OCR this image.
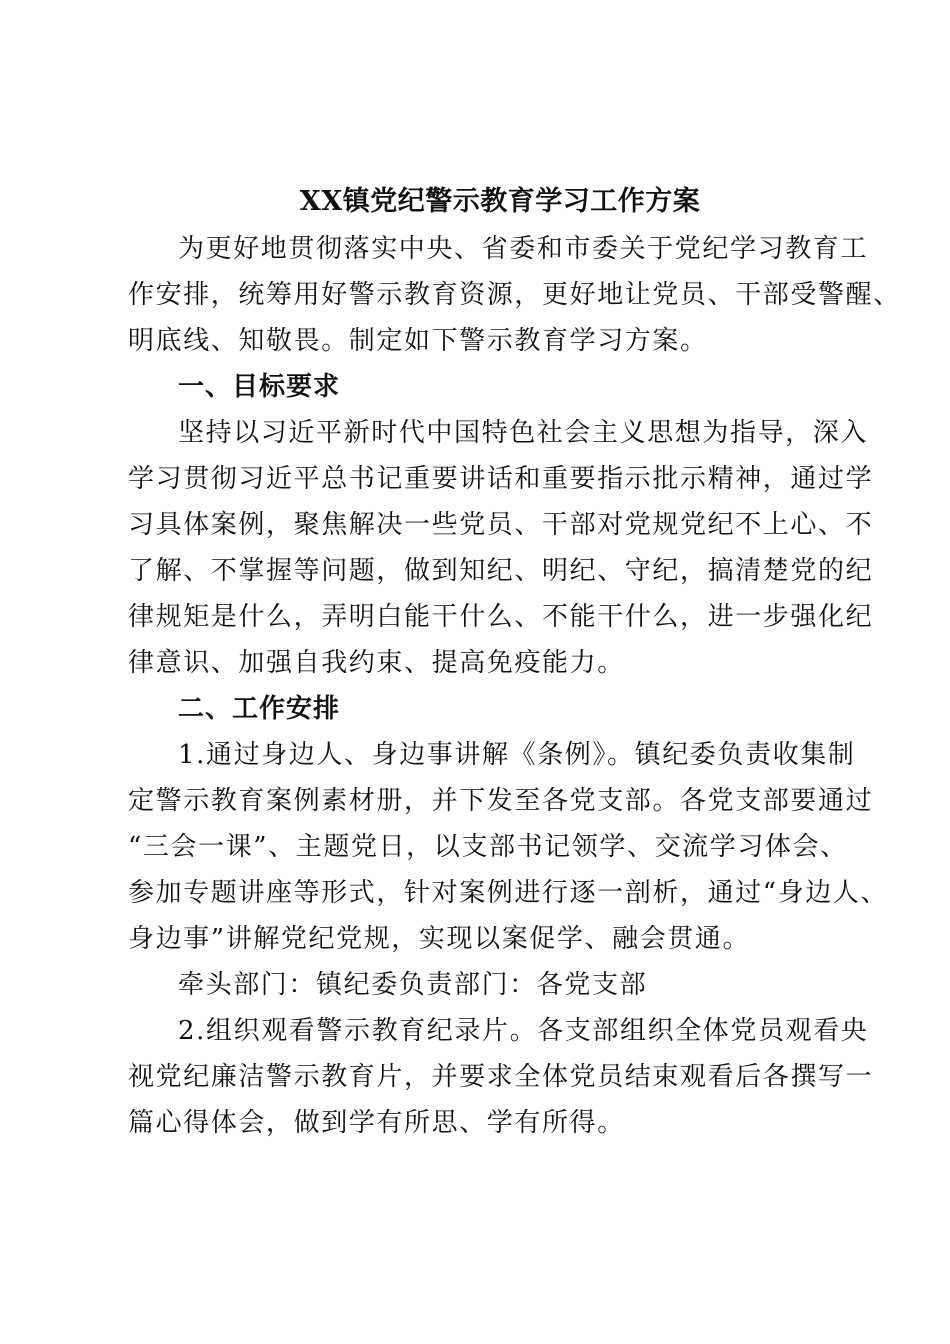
XX镇党纪警示教育学习工作方案
为更好地贯彻落实中央、省委和市委关于党纪学习教育工
作安排，统筹用好警示教育资源，更好地让党员、干部受警醒、
明底线、知敬畏。制定如下警示教育学习方案。
一、目标要求
坚持以习近平新时代中国特色社会主义思想为指导，深入
学习贯彻习近平总书记重要讲话和重要指示批示精神，通过学
习具体案例，聚焦解决一些党员、干部对党规党纪不上心、不
了解、不掌握等问题，做到知纪、明纪、守纪，搞清楚党的纪
律规矩是什么，弄明白能干什么、不能干什么，进一步强化纪
律意识、加强自我约束、提高免疫能力。
二、工作安排
1.通过身边人、身边事讲解《条例》。镇纪委负责收集制
定警示教育案例素材册，并下发至各党支部。各党支部要通过
“三会一课”、主题党日，以支部书记领学、交流学习体会、
参加专题讲座等形式，针对案例进行逐一剖析，通过“身边人、
身边事”讲解党纪党规，实现以案促学、融会贯通。
牵头部门：镇纪委负责部门：各党支部
2.组织观看警示教育纪录片。各支部组织全体党员观看央
视党纪廉洁警示教育片，并要求全体党员结束观看后各撰写一
篇心得体会，做到学有所思、学有所得。
